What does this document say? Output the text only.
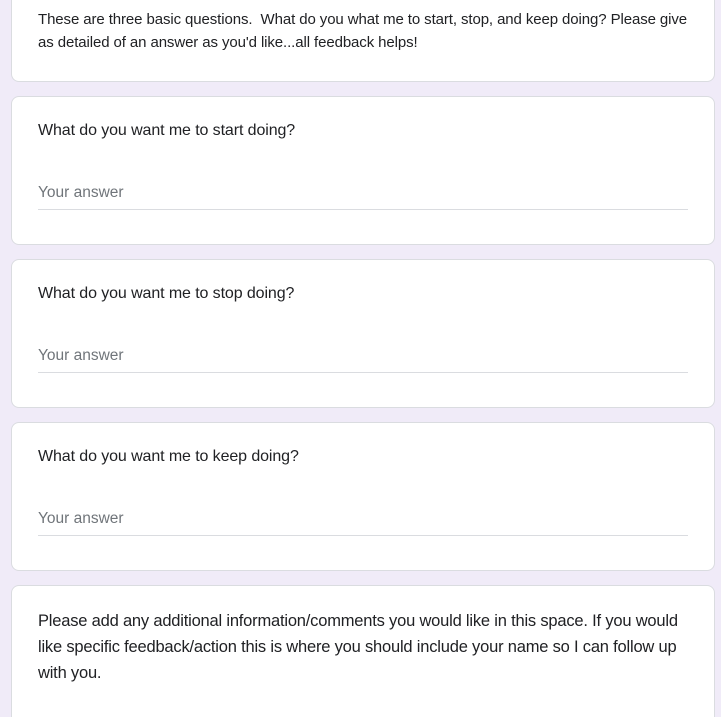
These are three basic questions.  What do you what me to start, stop, and keep doing? Please give as detailed of an answer as you'd like...all feedback helps!
What do you want me to start doing?
Your answer
What do you want me to stop doing?
Your answer
What do you want me to keep doing?
Your answer
Please add any additional information/comments you would like in this space. If you would like specific feedback/action this is where you should include your name so I can follow up with you.
